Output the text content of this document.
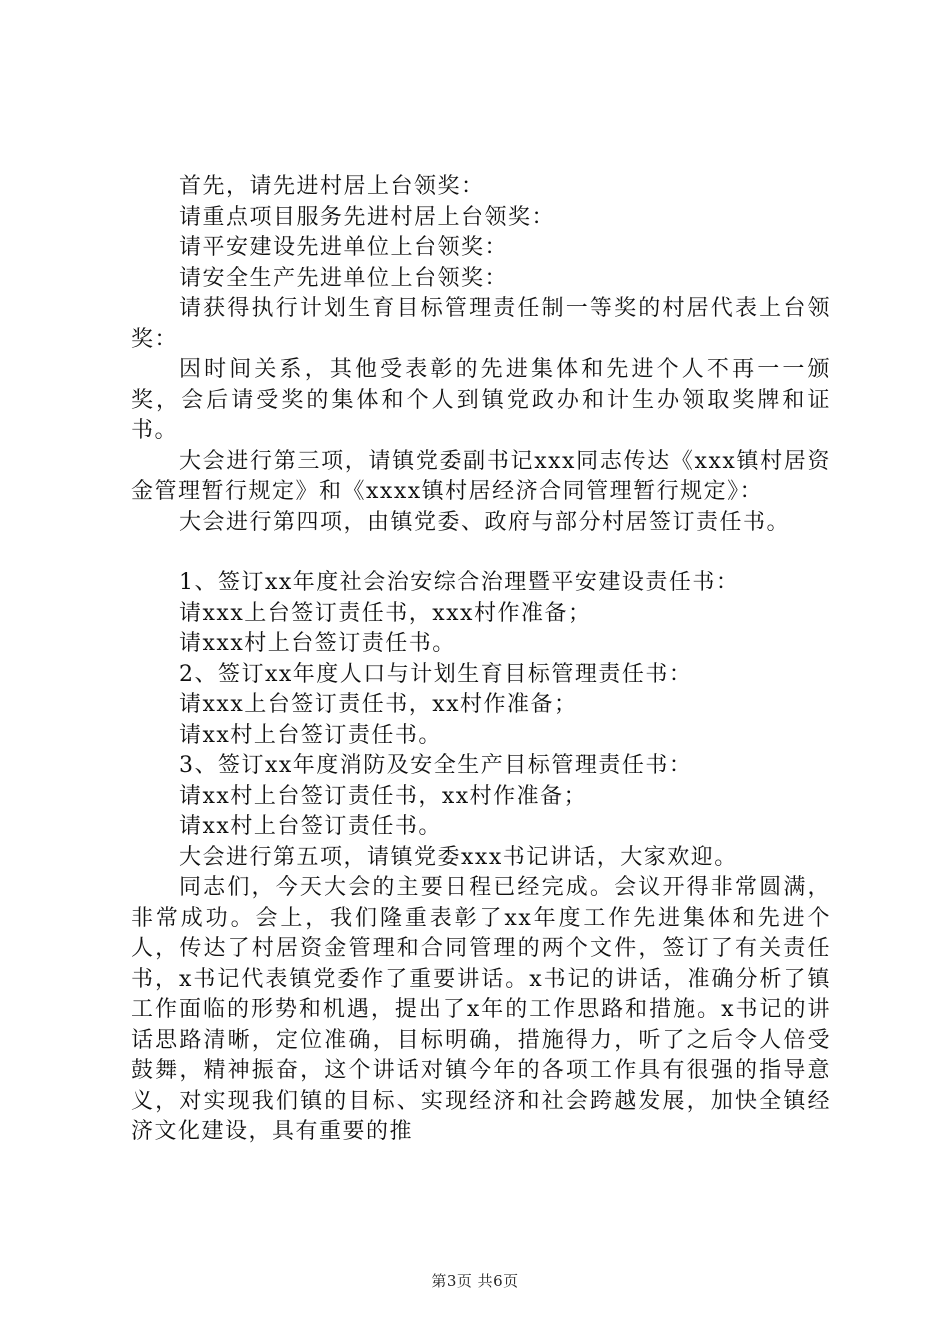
首先，请先进村居上台领奖：

请重点项目服务先进村居上台领奖：

请平安建设先进单位上台领奖：

请安全生产先进单位上台领奖：

请获得执行计划生育目标管理责任制一等奖的村居代表上台领奖：

因时间关系，其他受表彰的先进集体和先进个人不再一一颁奖，会后请受奖的集体和个人到镇党政办和计生办领取奖牌和证书。

大会进行第三项，请镇党委副书记xxx同志传达《xxx镇村居资金管理暂行规定》和《xxxx镇村居经济合同管理暂行规定》：

大会进行第四项，由镇党委、政府与部分村居签订责任书。

1、签订xx年度社会治安综合治理暨平安建设责任书：

请xxx上台签订责任书，xxx村作准备；

请xxx村上台签订责任书。

2、签订xx年度人口与计划生育目标管理责任书：

请xxx上台签订责任书，xx村作准备；

请xx村上台签订责任书。

3、签订xx年度消防及安全生产目标管理责任书：

请xx村上台签订责任书，xx村作准备；

请xx村上台签订责任书。

大会进行第五项，请镇党委xxx书记讲话，大家欢迎。

同志们，今天大会的主要日程已经完成。会议开得非常圆满，非常成功。会上，我们隆重表彰了xx年度工作先进集体和先进个人，传达了村居资金管理和合同管理的两个文件，签订了有关责任书，x书记代表镇党委作了重要讲话。x书记的讲话，准确分析了镇工作面临的形势和机遇，提出了x年的工作思路和措施。x书记的讲话思路清晰，定位准确，目标明确，措施得力，听了之后令人倍受鼓舞，精神振奋，这个讲话对镇今年的各项工作具有很强的指导意义，对实现我们镇的目标、实现经济和社会跨越发展，加快全镇经济文化建设，具有重要的推

第3页 共6页
